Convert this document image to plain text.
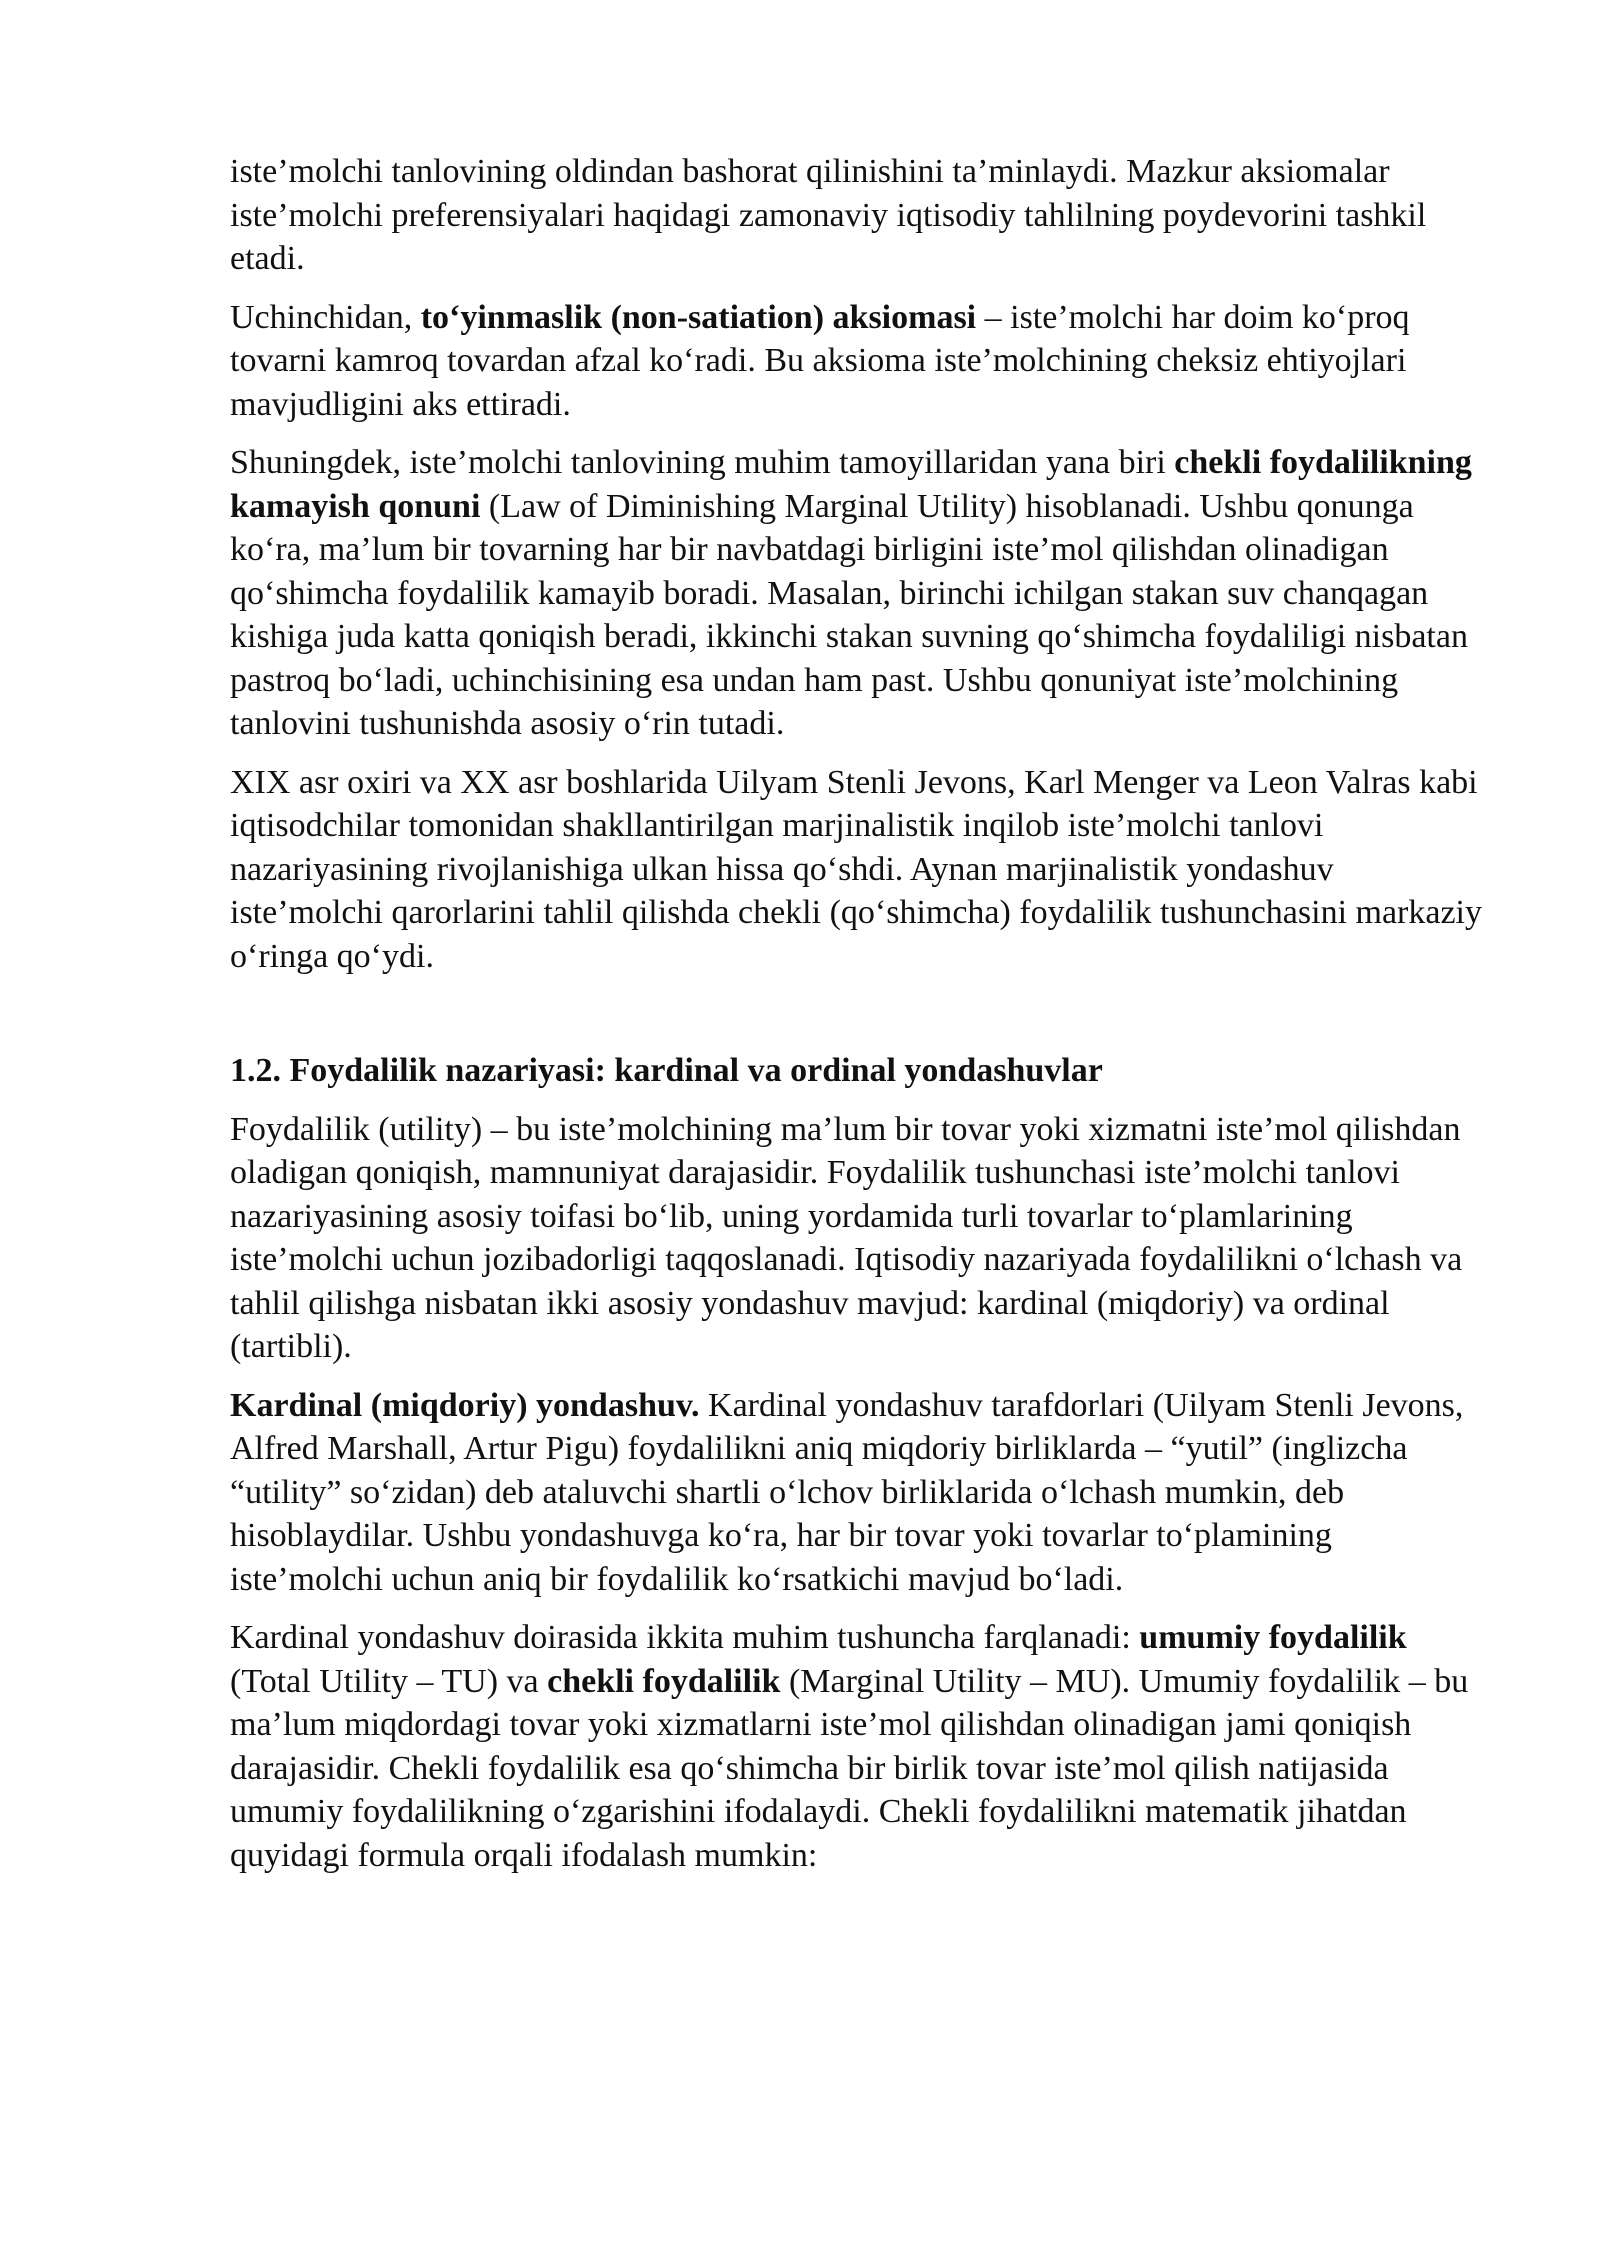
iste’molchi tanlovining oldindan bashorat qilinishini ta’minlaydi. Mazkur aksiomalar iste’molchi preferensiyalari haqidagi zamonaviy iqtisodiy tahlilning poydevorini tashkil etadi.

Uchinchidan, to‘yinmaslik (non-satiation) aksiomasi – iste’molchi har doim ko‘proq tovarni kamroq tovardan afzal ko‘radi. Bu aksioma iste’molchining cheksiz ehtiyojlari mavjudligini aks ettiradi.

Shuningdek, iste’molchi tanlovining muhim tamoyillaridan yana biri chekli foydalilikning kamayish qonuni (Law of Diminishing Marginal Utility) hisoblanadi. Ushbu qonunga ko‘ra, ma’lum bir tovarning har bir navbatdagi birligini iste’mol qilishdan olinadigan qo‘shimcha foydalilik kamayib boradi. Masalan, birinchi ichilgan stakan suv chanqagan kishiga juda katta qoniqish beradi, ikkinchi stakan suvning qo‘shimcha foydaliligi nisbatan pastroq bo‘ladi, uchinchisining esa undan ham past. Ushbu qonuniyat iste’molchining tanlovini tushunishda asosiy o‘rin tutadi.

XIX asr oxiri va XX asr boshlarida Uilyam Stenli Jevons, Karl Menger va Leon Valras kabi iqtisodchilar tomonidan shakllantirilgan marjinalistik inqilob iste’molchi tanlovi nazariyasining rivojlanishiga ulkan hissa qo‘shdi. Aynan marjinalistik yondashuv iste’molchi qarorlarini tahlil qilishda chekli (qo‘shimcha) foydalilik tushunchasini markaziy o‘ringa qo‘ydi.

1.2. Foydalilik nazariyasi: kardinal va ordinal yondashuvlar

Foydalilik (utility) – bu iste’molchining ma’lum bir tovar yoki xizmatni iste’mol qilishdan oladigan qoniqish, mamnuniyat darajasidir. Foydalilik tushunchasi iste’molchi tanlovi nazariyasining asosiy toifasi bo‘lib, uning yordamida turli tovarlar to‘plamlarining iste’molchi uchun jozibadorligi taqqoslanadi. Iqtisodiy nazariyada foydalilikni o‘lchash va tahlil qilishga nisbatan ikki asosiy yondashuv mavjud: kardinal (miqdoriy) va ordinal (tartibli).

Kardinal (miqdoriy) yondashuv. Kardinal yondashuv tarafdorlari (Uilyam Stenli Jevons, Alfred Marshall, Artur Pigu) foydalilikni aniq miqdoriy birliklarda – “yutil” (inglizcha “utility” so‘zidan) deb ataluvchi shartli o‘lchov birliklarida o‘lchash mumkin, deb hisoblaydilar. Ushbu yondashuvga ko‘ra, har bir tovar yoki tovarlar to‘plamining iste’molchi uchun aniq bir foydalilik ko‘rsatkichi mavjud bo‘ladi.

Kardinal yondashuv doirasida ikkita muhim tushuncha farqlanadi: umumiy foydalilik (Total Utility – TU) va chekli foydalilik (Marginal Utility – MU). Umumiy foydalilik – bu ma’lum miqdordagi tovar yoki xizmatlarni iste’mol qilishdan olinadigan jami qoniqish darajasidir. Chekli foydalilik esa qo‘shimcha bir birlik tovar iste’mol qilish natijasida umumiy foydalilikning o‘zgarishini ifodalaydi. Chekli foydalilikni matematik jihatdan quyidagi formula orqali ifodalash mumkin:
